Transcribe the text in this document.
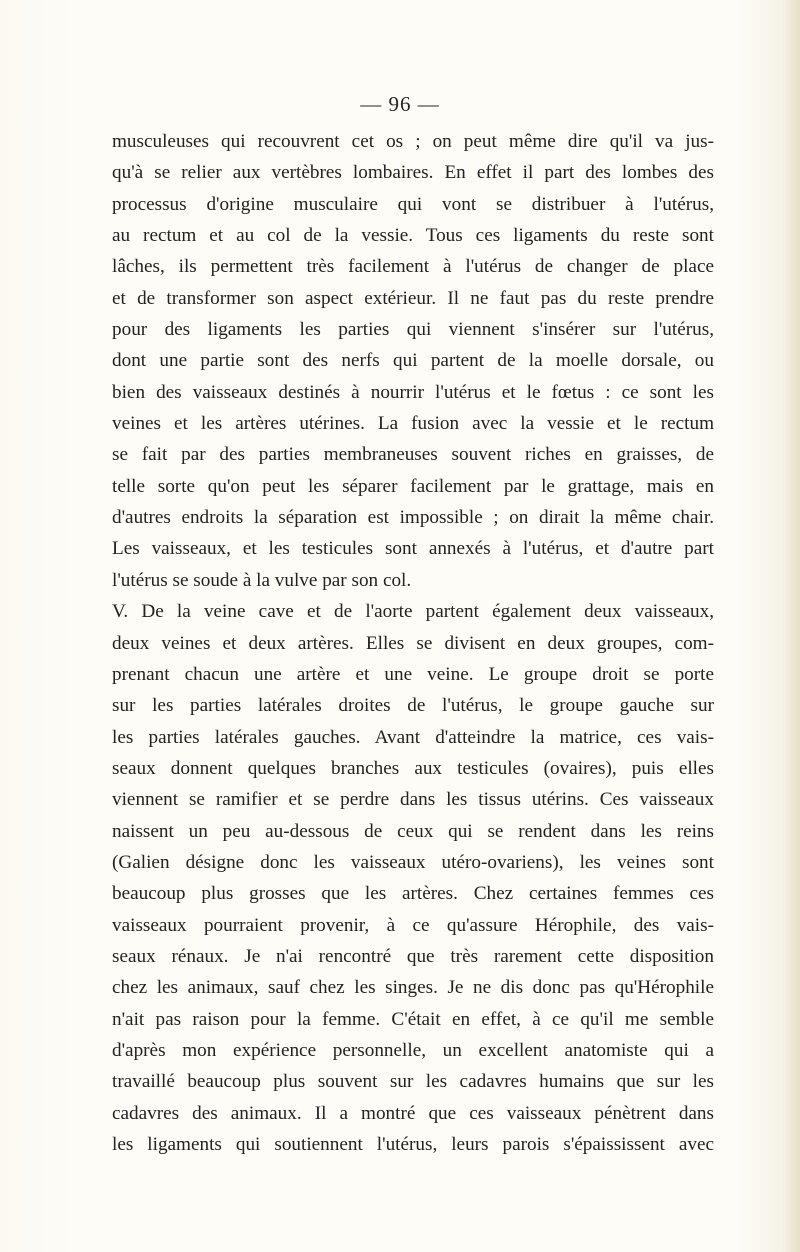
— 96 —
musculeuses qui recouvrent cet os ; on peut même dire qu'il va jus-
qu'à se relier aux vertèbres lombaires. En effet il part des lombes des
processus d'origine musculaire qui vont se distribuer à l'utérus,
au rectum et au col de la vessie. Tous ces ligaments du reste sont
lâches, ils permettent très facilement à l'utérus de changer de place
et de transformer son aspect extérieur. Il ne faut pas du reste prendre
pour des ligaments les parties qui viennent s'insérer sur l'utérus,
dont une partie sont des nerfs qui partent de la moelle dorsale, ou
bien des vaisseaux destinés à nourrir l'utérus et le fœtus : ce sont les
veines et les artères utérines. La fusion avec la vessie et le rectum
se fait par des parties membraneuses souvent riches en graisses, de
telle sorte qu'on peut les séparer facilement par le grattage, mais en
d'autres endroits la séparation est impossible ; on dirait la même chair.
Les vaisseaux, et les testicules sont annexés à l'utérus, et d'autre part
l'utérus se soude à la vulve par son col.
V. De la veine cave et de l'aorte partent également deux vaisseaux,
deux veines et deux artères. Elles se divisent en deux groupes, com-
prenant chacun une artère et une veine. Le groupe droit se porte
sur les parties latérales droites de l'utérus, le groupe gauche sur
les parties latérales gauches. Avant d'atteindre la matrice, ces vais-
seaux donnent quelques branches aux testicules (ovaires), puis elles
viennent se ramifier et se perdre dans les tissus utérins. Ces vaisseaux
naissent un peu au-dessous de ceux qui se rendent dans les reins
(Galien désigne donc les vaisseaux utéro-ovariens), les veines sont
beaucoup plus grosses que les artères. Chez certaines femmes ces
vaisseaux pourraient provenir, à ce qu'assure Hérophile, des vais-
seaux rénaux. Je n'ai rencontré que très rarement cette disposition
chez les animaux, sauf chez les singes. Je ne dis donc pas qu'Hérophile
n'ait pas raison pour la femme. C'était en effet, à ce qu'il me semble
d'après mon expérience personnelle, un excellent anatomiste qui a
travaillé beaucoup plus souvent sur les cadavres humains que sur les
cadavres des animaux. Il a montré que ces vaisseaux pénètrent dans
les ligaments qui soutiennent l'utérus, leurs parois s'épaississent avec
